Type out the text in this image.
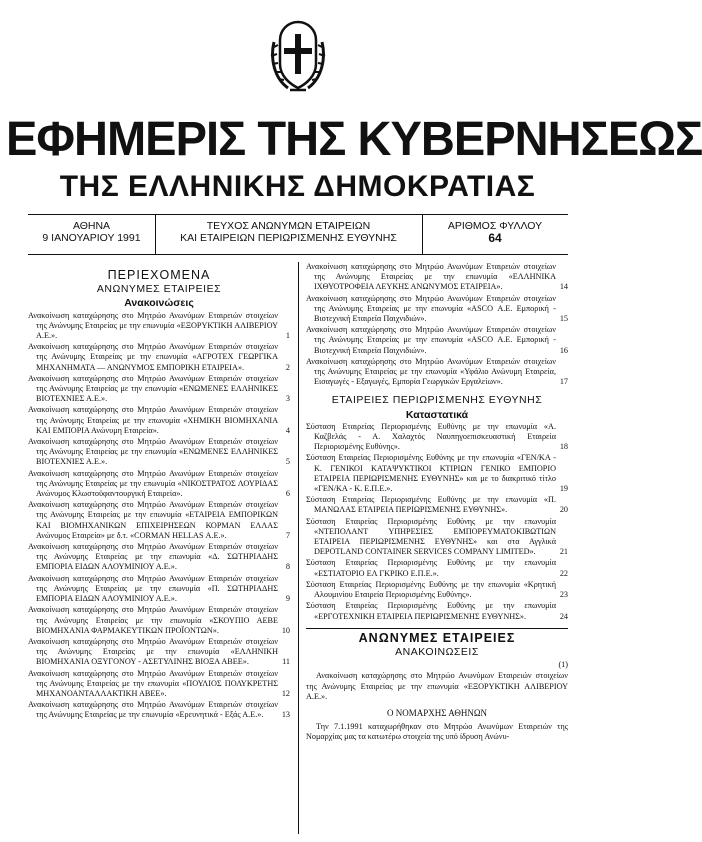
ΕΦΗΜΕΡΙΣ ΤΗΣ ΚΥΒΕΡΝΗΣΕΩΣ
ΤΗΣ ΕΛΛΗΝΙΚΗΣ ΔΗΜΟΚΡΑΤΙΑΣ
ΑΘΗΝΑ
9 ΙΑΝΟΥΑΡΙΟΥ 1991
ΤΕΥΧΟΣ ΑΝΩΝΥΜΩΝ ΕΤΑΙΡΕΙΩΝ
ΚΑΙ ΕΤΑΙΡΕΙΩΝ ΠΕΡΙΩΡΙΣΜΕΝΗΣ ΕΥΘΥΝΗΣ
ΑΡΙΘΜΟΣ ΦΥΛΛΟΥ
64
ΠΕΡΙΕΧΟΜΕΝΑ
ΑΝΩΝΥΜΕΣ ΕΤΑΙΡΕΙΕΣ
Ανακοινώσεις
Ανακοίνωση καταχώρησης στο Μητρώο Ανωνύμων Εταιρειών στοιχείων της Ανώνυμης Εταιρείας με την επωνυμία «ΕΞΟΡΥΚΤΙΚΗ ΑΛΙΒΕΡΙΟΥ Α.Ε.».	1
Ανακοίνωση καταχώρησης στο Μητρώο Ανωνύμων Εταιρειών στοιχείων της Ανώνυμης Εταιρείας με την επωνυμία «ΑΓΡΟΤΕΧ ΓΕΩΡΓΙΚΑ ΜΗΧΑΝΗΜΑΤΑ — ΑΝΩΝΥΜΟΣ ΕΜΠΟΡΙΚΗ ΕΤΑΙΡΕΙΑ».	2
Ανακοίνωση καταχώρησης στο Μητρώο Ανωνύμων Εταιρειών στοιχείων της Ανώνυμης Εταιρείας με την επωνυμία «ΕΝΩΜΕΝΕΣ ΕΛΛΗΝΙΚΕΣ ΒΙΟΤΕΧΝΙΕΣ Α.Ε.».	3
Ανακοίνωση καταχώρησης στο Μητρώο Ανωνύμων Εταιρειών στοιχείων της Ανώνυμης Εταιρείας με την επωνυμία «ΧΗΜΙΚΗ ΒΙΟΜΗΧΑΝΙΑ ΚΑΙ ΕΜΠΟΡΙΑ Ανώνυμη Εταιρεία».	4
Ανακοίνωση καταχώρησης στο Μητρώο Ανωνύμων Εταιρειών στοιχείων της Ανώνυμης Εταιρείας με την επωνυμία «ΕΝΩΜΕΝΕΣ ΕΛΛΗΝΙΚΕΣ ΒΙΟΤΕΧΝΙΕΣ Α.Ε.».	5
Ανακοίνωση καταχώρησης στο Μητρώο Ανωνύμων Εταιρειών στοιχείων της Ανώνυμης Εταιρείας με την επωνυμία «ΝΙΚΟΣΤΡΑΤΟΣ ΛΟΥΡΙΔΑΣ Ανώνυμος Κλωστοϋφαντουργική Εταιρεία».	6
Ανακοίνωση καταχώρησης στο Μητρώο Ανωνύμων Εταιρειών στοιχείων της Ανώνυμης Εταιρείας με την επωνυμία «ΕΤΑΙΡΕΙΑ ΕΜΠΟΡΙΚΩΝ ΚΑΙ ΒΙΟΜΗΧΑΝΙΚΩΝ ΕΠΙΧΕΙΡΗΣΕΩΝ ΚΟΡΜΑΝ ΕΛΛΑΣ Ανώνυμος Εταιρεία» με δ.τ. «CORMAN HELLAS Α.Ε.».	7
Ανακοίνωση καταχώρησης στο Μητρώο Ανωνύμων Εταιρειών στοιχείων της Ανώνυμης Εταιρείας με την επωνυμία «Δ. ΣΩΤΗΡΙΑΔΗΣ ΕΜΠΟΡΙΑ ΕΙΔΩΝ ΑΛΟΥΜΙΝΙΟΥ Α.Ε.».	8
Ανακοίνωση καταχώρησης στο Μητρώο Ανωνύμων Εταιρειών στοιχείων της Ανώνυμης Εταιρείας με την επωνυμία «Π. ΣΩΤΗΡΙΑΔΗΣ ΕΜΠΟΡΙΑ ΕΙΔΩΝ ΑΛΟΥΜΙΝΙΟΥ Α.Ε.».	9
Ανακοίνωση καταχώρησης στο Μητρώο Ανωνύμων Εταιρειών στοιχείων της Ανώνυμης Εταιρείας με την επωνυμία «ΣΚΟΥΠΙΟ ΑΕΒΕ ΒΙΟΜΗΧΑΝΙΑ ΦΑΡΜΑΚΕΥΤΙΚΩΝ ΠΡΟΪΟΝΤΩΝ».	10
Ανακοίνωση καταχώρησης στο Μητρώο Ανωνύμων Εταιρειών στοιχείων της Ανώνυμης Εταιρείας με την επωνυμία «ΕΛΛΗΝΙΚΗ ΒΙΟΜΗΧΑΝΙΑ ΟΞΥΓΟΝΟΥ - ΑΣΕΤΥΛΙΝΗΣ ΒΙΟΞΑ ΑΒΕΕ».	11
Ανακοίνωση καταχώρησης στο Μητρώο Ανωνύμων Εταιρειών στοιχείων της Ανώνυμης Εταιρείας με την επωνυμία «ΠΟΥΛΙΟΣ ΠΟΛΥΚΡΕΤΗΣ ΜΗΧΑΝΟΑΝΤΑΛΛΑΚΤΙΚΗ ΑΒΕΕ».	12
Ανακοίνωση καταχώρησης στο Μητρώο Ανωνύμων Εταιρειών στοιχείων της Ανώνυμης Εταιρείας με την επωνυμία «Ερευνητικά - Εξάς Α.Ε.».	13
Ανακοίνωση καταχώρησης στο Μητρώο Ανωνύμων Εταιρειών στοιχείων της Ανώνυμης Εταιρείας με την επωνυμία «ΕΛΛΗΝΙΚΑ ΙΧΘΥΟΤΡΟΦΕΙΑ ΛΕΥΚΗΣ ΑΝΩΝΥΜΟΣ ΕΤΑΙΡΕΙΑ».	14
Ανακοίνωση καταχώρησης στο Μητρώο Ανωνύμων Εταιρειών στοιχείων της Ανώνυμης Εταιρείας με την επωνυμία «ASCO Α.Ε. Εμπορική - Βιοτεχνική Εταιρεία Παιχνιδιών».	15
Ανακοίνωση καταχώρησης στο Μητρώο Ανωνύμων Εταιρειών στοιχείων της Ανώνυμης Εταιρείας με την επωνυμία «ASCO Α.Ε. Εμπορική - Βιοτεχνική Εταιρεία Παιχνιδιών».	16
Ανακοίνωση καταχώρησης στο Μητρώο Ανωνύμων Εταιρειών στοιχείων της Ανώνυμης Εταιρείας με την επωνυμία «Υφάλιο Ανώνυμη Εταιρεία, Εισαγωγές - Εξαγωγές, Εμπορία Γεωργικών Εργαλείων».	17
ΕΤΑΙΡΕΙΕΣ ΠΕΡΙΩΡΙΣΜΕΝΗΣ ΕΥΘΥΝΗΣ
Καταστατικά
Σύσταση Εταιρείας Περιορισμένης Ευθύνης με την επωνυμία «Α. Καζβελάς - Α. Χαλαχτός Ναυπηγοεπισκευαστική Εταιρεία Περιορισμένης Ευθύνης».	18
Σύσταση Εταιρείας Περιορισμένης Ευθύνης με την επωνυμία «ΓΕΝ/ΚΑ - Κ. ΓΕΝΙΚΟΙ ΚΑΤΑΨΥΚΤΙΚΟΙ ΚΤΙΡΙΩΝ ΓΕΝΙΚΟ ΕΜΠΟΡΙΟ ΕΤΑΙΡΕΙΑ ΠΕΡΙΩΡΙΣΜΕΝΗΣ ΕΥΘΥΝΗΣ» και με το διακριτικό τίτλο «ΓΕΝ/ΚΑ - Κ. Ε.Π.Ε.».	19
Σύσταση Εταιρείας Περιορισμένης Ευθύνης με την επωνυμία «Π. ΜΑΝΩΛΑΣ ΕΤΑΙΡΕΙΑ ΠΕΡΙΩΡΙΣΜΕΝΗΣ ΕΥΘΥΝΗΣ».	20
Σύσταση Εταιρείας Περιορισμένης Ευθύνης με την επωνυμία «ΝΤΕΠΟΛΑΝΤ ΥΠΗΡΕΣΙΕΣ ΕΜΠΟΡΕΥΜΑΤΟΚΙΒΩΤΙΩΝ ΕΤΑΙΡΕΙΑ ΠΕΡΙΩΡΙΣΜΕΝΗΣ ΕΥΘΥΝΗΣ» και στα Αγγλικά DEPOTLAND CONTAINER SERVICES COMPANY LIMITED».	21
Σύσταση Εταιρείας Περιορισμένης Ευθύνης με την επωνυμία «ΕΣΤΙΑΤΟΡΙΟ ΕΛ ΓΚΡΙΚΟ Ε.Π.Ε.».	22
Σύσταση Εταιρείας Περιορισμένης Ευθύνης με την επωνυμία «Κρητική Αλουμινίου Εταιρεία Περιορισμένης Ευθύνης».	23
Σύσταση Εταιρείας Περιορισμένης Ευθύνης με την επωνυμία «ΕΡΓΟΤΕΧΝΙΚΗ ΕΤΑΙΡΕΙΑ ΠΕΡΙΩΡΙΣΜΕΝΗΣ ΕΥΘΥΝΗΣ».	24
ΑΝΩΝΥΜΕΣ ΕΤΑΙΡΕΙΕΣ
ΑΝΑΚΟΙΝΩΣΕΙΣ
(1)

Ανακοίνωση καταχώρησης στο Μητρώο Ανωνύμων Εταιρειών στοιχείων της Ανώνυμης Εταιρείας με την επωνυμία «ΕΞΟΡΥΚΤΙΚΗ ΑΛΙΒΕΡΙΟΥ Α.Ε.».

Ο ΝΟΜΑΡΧΗΣ ΑΘΗΝΩΝ

Την 7.1.1991 καταχωρήθηκαν στο Μητρώο Ανωνύμων Εταιρειών της Νομαρχίας μας τα κατωτέρω στοιχεία της υπό ίδρυση Ανώνυ-
